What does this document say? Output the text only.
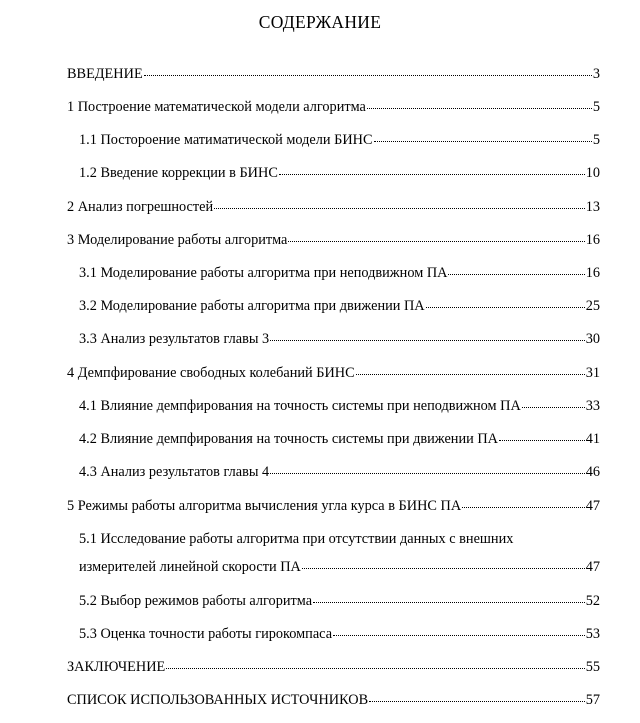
СОДЕРЖАНИЕ
ВВЕДЕНИЕ	3
1 Построение математической модели алгоритма	5
1.1 Постороение матиматической модели БИНС	5
1.2 Введение коррекции в БИНС	10
2 Анализ погрешностей	13
3 Моделирование работы алгоритма	16
3.1 Моделирование работы алгоритма при неподвижном ПА	16
3.2 Моделирование работы алгоритма при движении ПА	25
3.3 Анализ результатов главы 3	30
4 Демпфирование свободных колебаний БИНС	31
4.1 Влияние демпфирования на точность системы при неподвижном ПА	33
4.2 Влияние демпфирования на точность системы при движении ПА	41
4.3 Анализ результатов главы 4	46
5 Режимы работы алгоритма вычисления угла курса в БИНС ПА	47
5.1 Исследование работы алгоритма при отсутствии данных с внешних
измерителей линейной скорости ПА	47
5.2 Выбор режимов работы алгоритма	52
5.3 Оценка точности работы гирокомпаса	53
ЗАКЛЮЧЕНИЕ	55
СПИСОК ИСПОЛЬЗОВАННЫХ ИСТОЧНИКОВ	57
